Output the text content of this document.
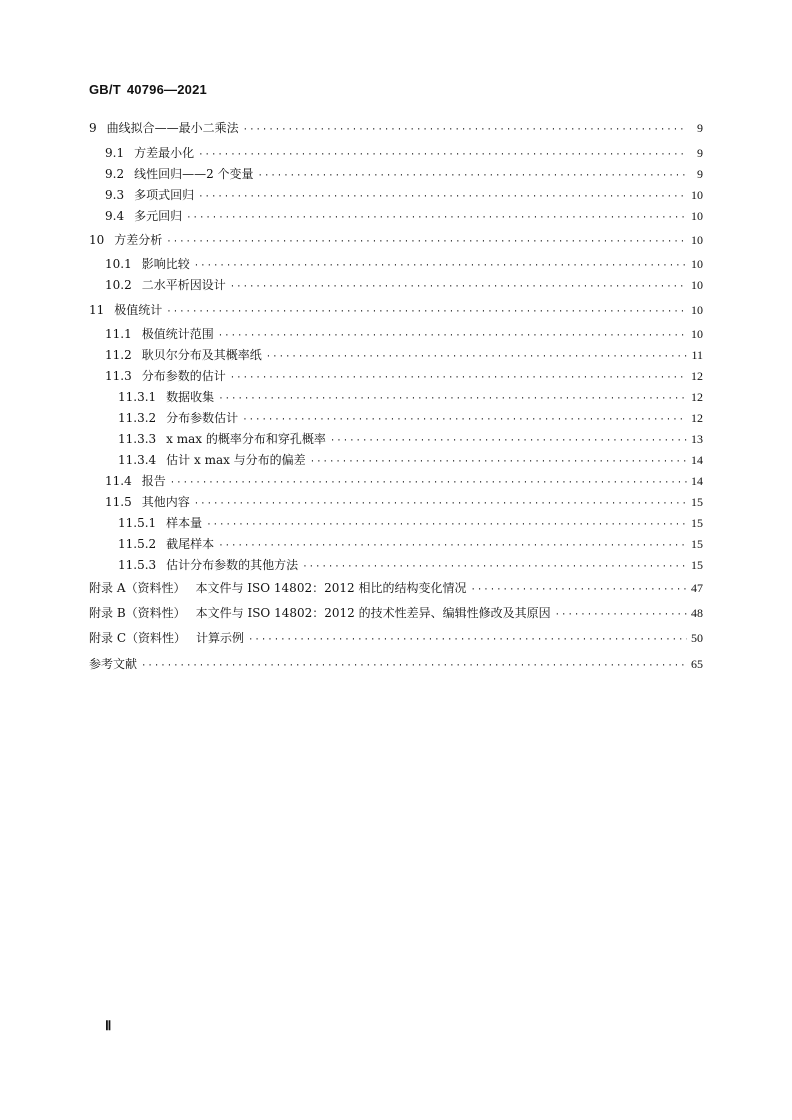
GB/T 40796—2021
9 曲线拟合——最小二乘法 ·····	9
9.1 方差最小化 ·····	9
9.2 线性回归——2 个变量 ·····	9
9.3 多项式回归 ·····	10
9.4 多元回归 ·····	10
10 方差分析 ·····	10
10.1 影响比较 ·····	10
10.2 二水平析因设计 ·····	10
11 极值统计 ·····	10
11.1 极值统计范围 ·····	10
11.2 耿贝尔分布及其概率纸 ·····	11
11.3 分布参数的估计 ·····	12
11.3.1 数据收集 ·····	12
11.3.2 分布参数估计 ·····	12
11.3.3 x max 的概率分布和穿孔概率 ·····	13
11.3.4 估计 x max 与分布的偏差 ·····	14
11.4 报告 ·····	14
11.5 其他内容 ·····	15
11.5.1 样本量 ·····	15
11.5.2 截尾样本 ·····	15
11.5.3 估计分布参数的其他方法 ·····	15
附录 A（资料性） 本文件与 ISO 14802：2012 相比的结构变化情况 ·····	47
附录 B（资料性） 本文件与 ISO 14802：2012 的技术性差异、编辑性修改及其原因 ·····	48
附录 C（资料性） 计算示例 ·····	50
参考文献 ·····	65
Ⅱ
